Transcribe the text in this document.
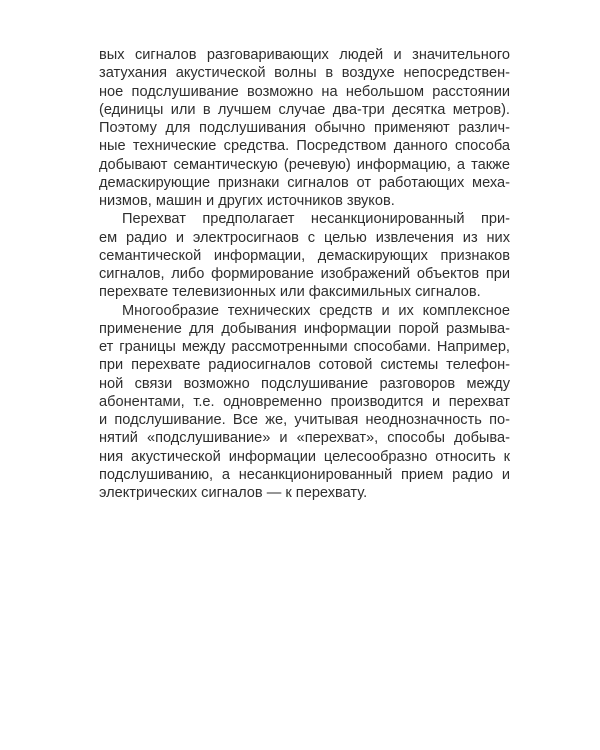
вых сигналов разговаривающих людей и значительного
затухания акустической волны в воздухе непосредствен-
ное подслушивание возможно на небольшом расстоянии
(единицы или в лучшем случае два-три десятка метров).
Поэтому для подслушивания обычно применяют различ-
ные технические средства. Посредством данного способа
добывают семантическую (речевую) информацию, а также
демаскирующие признаки сигналов от работающих меха-
низмов, машин и других источников звуков.
Перехват предполагает несанкционированный при-
ем радио и электросигнаов с целью извлечения из них
семантической информации, демаскирующих признаков
сигналов, либо формирование изображений объектов при
перехвате телевизионных или факсимильных сигналов.
Многообразие технических средств и их комплексное
применение для добывания информации порой размыва-
ет границы между рассмотренными способами. Например,
при перехвате радиосигналов сотовой системы телефон-
ной связи возможно подслушивание разговоров между
абонентами, т.е. одновременно производится и перехват
и подслушивание. Все же, учитывая неоднозначность по-
нятий «подслушивание» и «перехват», способы добыва-
ния акустической информации целесообразно относить к
подслушиванию, а несанкционированный прием радио и
электрических сигналов — к перехвату.
